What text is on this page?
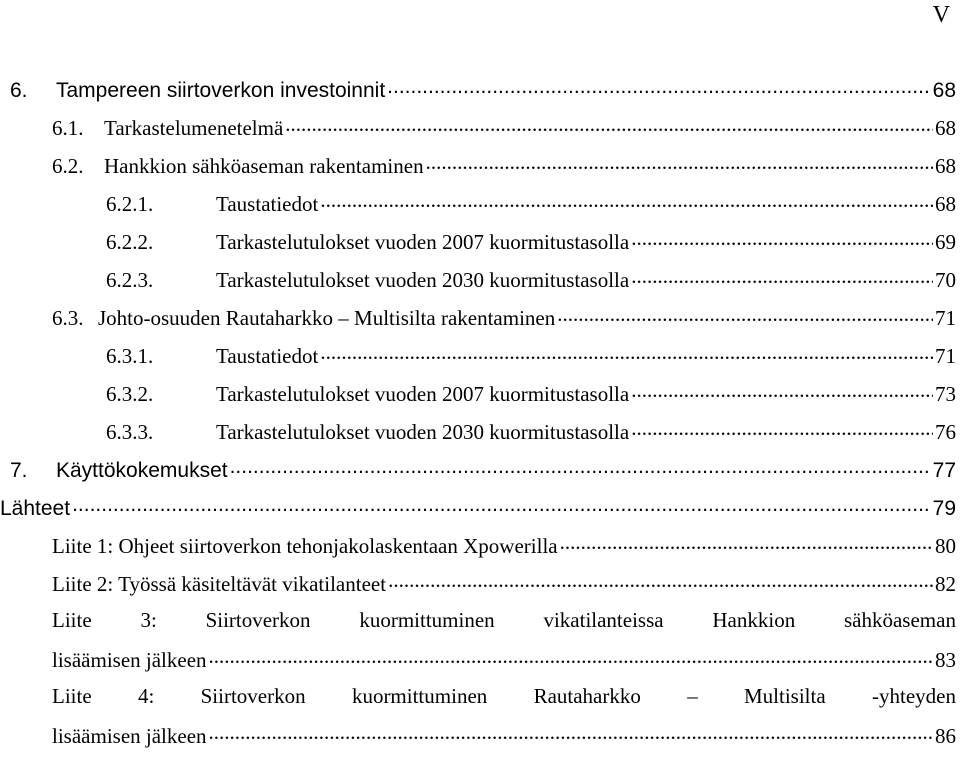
V
6.	Tampereen siirtoverkon investoinnit .....	68
6.1. Tarkastelumenetelmä .....	68
6.2. Hankkion sähköaseman rakentaminen .....	68
6.2.1.	Taustatiedot .....	68
6.2.2.	Tarkastelutulokset vuoden 2007 kuormitustasolla .....	69
6.2.3.	Tarkastelutulokset vuoden 2030 kuormitustasolla .....	70
6.3. Johto-osuuden Rautaharkko – Multisilta rakentaminen .....	71
6.3.1.	Taustatiedot .....	71
6.3.2.	Tarkastelutulokset vuoden 2007 kuormitustasolla .....	73
6.3.3.	Tarkastelutulokset vuoden 2030 kuormitustasolla .....	76
7.	Käyttökokemukset .....	77
Lähteet .....	79
Liite 1: Ohjeet siirtoverkon tehonjakolaskentaan Xpowerilla .....	80
Liite 2: Työssä käsiteltävät vikatilanteet .....	82
Liite 3: Siirtoverkon kuormittuminen vikatilanteissa Hankkion sähköaseman
lisäämisen jälkeen .....	83
Liite 4: Siirtoverkon kuormittuminen Rautaharkko – Multisilta -yhteyden
lisäämisen jälkeen .....	86
